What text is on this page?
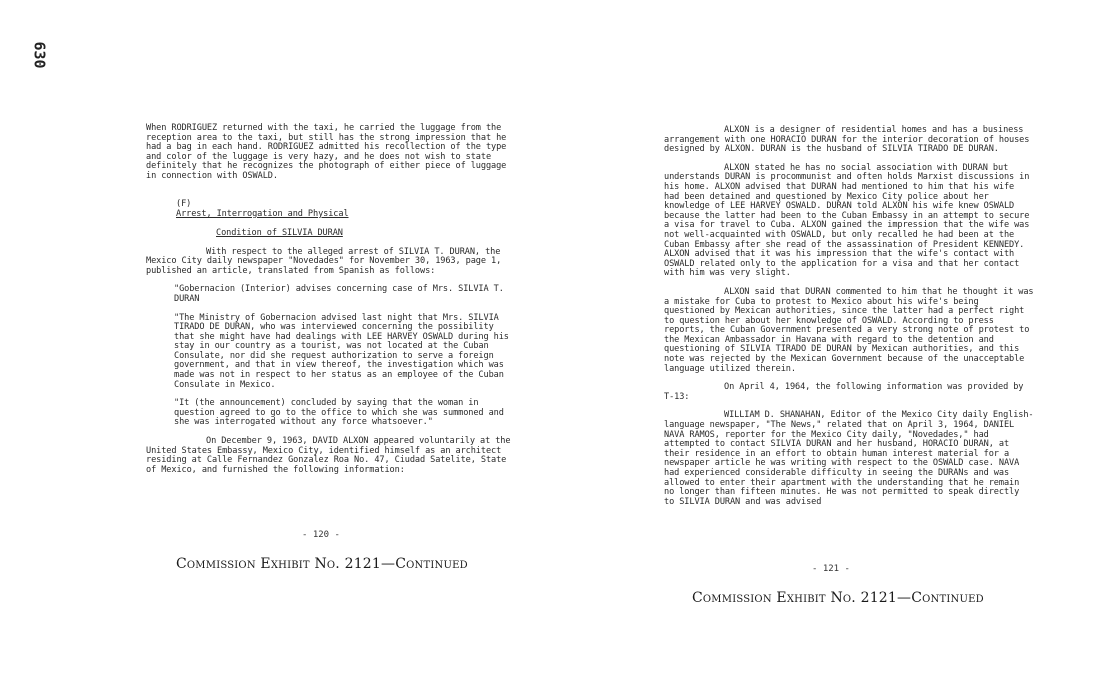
630

When RODRIGUEZ returned with the taxi, he carried the luggage from the reception area to the taxi, but still has the strong impression that he had a bag in each hand. RODRIGUEZ admitted his recollection of the type and color of the luggage is very hazy, and he does not wish to state definitely that he recognizes the photograph of either piece of luggage in connection with OSWALD.

(F)
Arrest, Interrogation and Physical

Condition of SILVIA DURAN

With respect to the alleged arrest of SILVIA T. DURAN, the Mexico City daily newspaper "Novedades" for November 30, 1963, page 1, published an article, translated from Spanish as follows:

"Gobernacion (Interior) advises concerning case of Mrs. SILVIA T. DURAN

"The Ministry of Gobernacion advised last night that Mrs. SILVIA TIRADO DE DURAN, who was interviewed concerning the possibility that she might have had dealings with LEE HARVEY OSWALD during his stay in our country as a tourist, was not located at the Cuban Consulate, nor did she request authorization to serve a foreign government, and that in view thereof, the investigation which was made was not in respect to her status as an employee of the Cuban Consulate in Mexico.

"It (the announcement) concluded by saying that the woman in question agreed to go to the office to which she was summoned and she was interrogated without any force whatsoever."

On December 9, 1963, DAVID ALXON appeared voluntarily at the United States Embassy, Mexico City, identified himself as an architect residing at Calle Fernandez Gonzalez Roa No. 47, Ciudad Satelite, State of Mexico, and furnished the following information:

- 120 -
Commission Exhibit No. 2121—Continued

ALXON is a designer of residential homes and has a business arrangement with one HORACIO DURAN for the interior decoration of houses designed by ALXON. DURAN is the husband of SILVIA TIRADO DE DURAN.

ALXON stated he has no social association with DURAN but understands DURAN is procommunist and often holds Marxist discussions in his home. ALXON advised that DURAN had mentioned to him that his wife had been detained and questioned by Mexico City police about her knowledge of LEE HARVEY OSWALD. DURAN told ALXON his wife knew OSWALD because the latter had been to the Cuban Embassy in an attempt to secure a visa for travel to Cuba. ALXON gained the impression that the wife was not well-acquainted with OSWALD, but only recalled he had been at the Cuban Embassy after she read of the assassination of President KENNEDY. ALXON advised that it was his impression that the wife's contact with OSWALD related only to the application for a visa and that her contact with him was very slight.

ALXON said that DURAN commented to him that he thought it was a mistake for Cuba to protest to Mexico about his wife's being questioned by Mexican authorities, since the latter had a perfect right to question her about her knowledge of OSWALD. According to press reports, the Cuban Government presented a very strong note of protest to the Mexican Ambassador in Havana with regard to the detention and questioning of SILVIA TIRADO DE DURAN by Mexican authorities, and this note was rejected by the Mexican Government because of the unacceptable language utilized therein.

On April 4, 1964, the following information was provided by T-13:

WILLIAM D. SHANAHAN, Editor of the Mexico City daily English-language newspaper, "The News," related that on April 3, 1964, DANIEL NAVA RAMOS, reporter for the Mexico City daily, "Novedades," had attempted to contact SILVIA DURAN and her husband, HORACIO DURAN, at their residence in an effort to obtain human interest material for a newspaper article he was writing with respect to the OSWALD case. NAVA had experienced considerable difficulty in seeing the DURANs and was allowed to enter their apartment with the understanding that he remain no longer than fifteen minutes. He was not permitted to speak directly to SILVIA DURAN and was advised

- 121 -
Commission Exhibit No. 2121—Continued
